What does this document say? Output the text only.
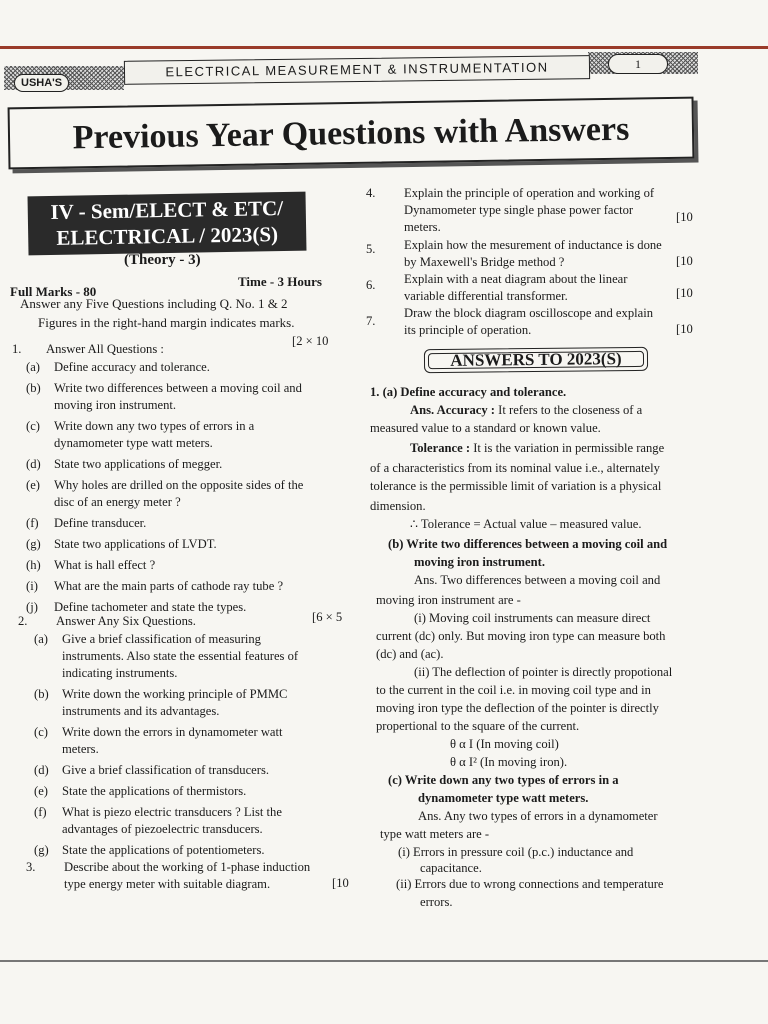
USHA'S
ELECTRICAL MEASUREMENT & INSTRUMENTATION	1
Previous Year Questions with Answers
IV - Sem/ELECT & ETC/
ELECTRICAL / 2023(S)
(Theory - 3)
Time - 3 Hours
Full Marks - 80
Answer any Five Questions including Q. No. 1 & 2
Figures in the right-hand margin indicates marks.
1. Answer All Questions :
[2 × 10
(a)	Define accuracy and tolerance.
(b)	Write two differences between a moving coil and
moving iron instrument.
(c)	Write down any two types of errors in a
dynamometer type watt meters.
(d)	State two applications of megger.
(e)	Why holes are drilled on the opposite sides of the
disc of an energy meter ?
(f)	Define transducer.
(g)	State two applications of LVDT.
(h)	What is hall effect ?
(i)	What are the main parts of cathode ray tube ?
(j)	Define tachometer and state the types.
2. Answer Any Six Questions.	[6 × 5
(a)	Give a brief classification of measuring
instruments. Also state the essential features of
indicating instruments.
(b)	Write down the working principle of PMMC
instruments and its advantages.
(c)	Write down the errors in dynamometer watt
meters.
(d)	Give a brief classification of transducers.
(e)	State the applications of thermistors.
(f)	What is piezo electric transducers ? List the
advantages of piezoelectric transducers.
(g)	State the applications of potentiometers.
3. Describe about the working of 1-phase induction
type energy meter with suitable diagram.	[10
4. Explain the principle of operation and working of
Dynamometer type single phase power factor
meters.
[10
5. Explain how the mesurement of inductance is done
by Maxewell's Bridge method ?	[10
6. Explain with a neat diagram about the linear
variable differential transformer.	[10
7.
Draw the block diagram oscilloscope and explain
its principle of operation.	[10
ANSWERS TO 2023(S)
1. (a) Define accuracy and tolerance.
Ans. Accuracy : It refers to the closeness of a
measured value to a standard or known value.
Tolerance : It is the variation in permissible range
of a characteristics from its nominal value i.e., alternately
tolerance is the permissible limit of variation is a physical
dimension.
∴ Tolerance = Actual value – measured value.
(b) Write two differences between a moving coil and
moving iron instrument.
Ans. Two differences between a moving coil and
moving iron instrument are -
(i) Moving coil instruments can measure direct
current (dc) only. But moving iron type can measure both
(dc) and (ac).
(ii) The deflection of pointer is directly propotional
to the current in the coil i.e. in moving coil type and in
moving iron type the deflection of the pointer is directly
propertional to the square of the current.
θ α I (In moving coil)
θ α I² (In moving iron).
(c) Write down any two types of errors in a
dynamometer type watt meters.
Ans. Any two types of errors in a dynamometer
type watt meters are -
(i) Errors in pressure coil (p.c.) inductance and
capacitance.
(ii) Errors due to wrong connections and temperature
errors.
